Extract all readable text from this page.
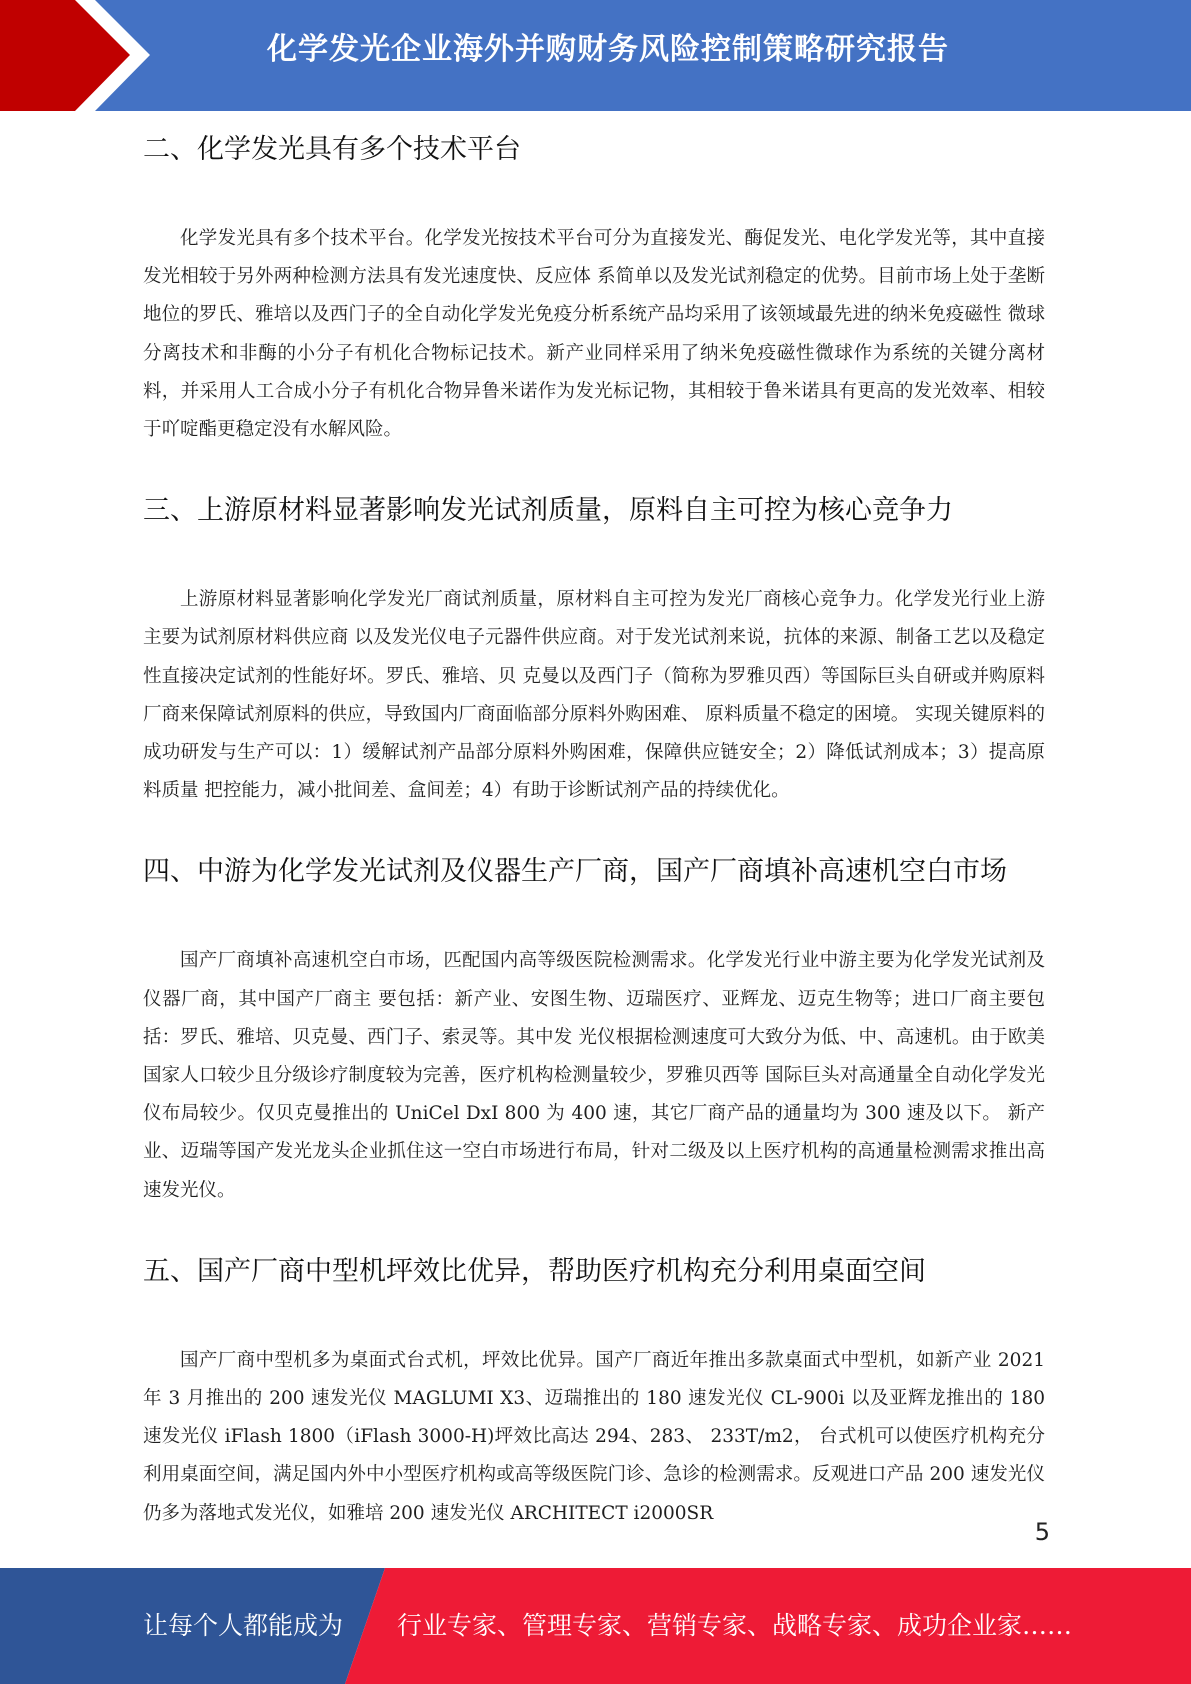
化学发光企业海外并购财务风险控制策略研究报告
二、化学发光具有多个技术平台

化学发光具有多个技术平台。化学发光按技术平台可分为直接发光、酶促发光、电化学发光等，其中直接发光相较于另外两种检测方法具有发光速度快、反应体 系简单以及发光试剂稳定的优势。目前市场上处于垄断地位的罗氏、雅培以及西门子的全自动化学发光免疫分析系统产品均采用了该领域最先进的纳米免疫磁性 微球分离技术和非酶的小分子有机化合物标记技术。新产业同样采用了纳米免疫磁性微球作为系统的关键分离材料，并采用人工合成小分子有机化合物异鲁米诺作为发光标记物，其相较于鲁米诺具有更高的发光效率、相较于吖啶酯更稳定没有水解风险。

三、上游原材料显著影响发光试剂质量，原料自主可控为核心竞争力

上游原材料显著影响化学发光厂商试剂质量，原材料自主可控为发光厂商核心竞争力。化学发光行业上游主要为试剂原材料供应商 以及发光仪电子元器件供应商。对于发光试剂来说，抗体的来源、制备工艺以及稳定性直接决定试剂的性能好坏。罗氏、雅培、贝 克曼以及西门子（简称为罗雅贝西）等国际巨头自研或并购原料厂商来保障试剂原料的供应，导致国内厂商面临部分原料外购困难、 原料质量不稳定的困境。 实现关键原料的成功研发与生产可以：1）缓解试剂产品部分原料外购困难，保障供应链安全；2）降低试剂成本；3）提高原料质量 把控能力，减小批间差、盒间差；4）有助于诊断试剂产品的持续优化。

四、中游为化学发光试剂及仪器生产厂商，国产厂商填补高速机空白市场

国产厂商填补高速机空白市场，匹配国内高等级医院检测需求。化学发光行业中游主要为化学发光试剂及仪器厂商，其中国产厂商主 要包括：新产业、安图生物、迈瑞医疗、亚辉龙、迈克生物等；进口厂商主要包括：罗氏、雅培、贝克曼、西门子、索灵等。其中发 光仪根据检测速度可大致分为低、中、高速机。由于欧美国家人口较少且分级诊疗制度较为完善，医疗机构检测量较少，罗雅贝西等 国际巨头对高通量全自动化学发光仪布局较少。仅贝克曼推出的 UniCel DxI 800 为 400 速，其它厂商产品的通量均为 300 速及以下。 新产业、迈瑞等国产发光龙头企业抓住这一空白市场进行布局，针对二级及以上医疗机构的高通量检测需求推出高速发光仪。

五、国产厂商中型机坪效比优异，帮助医疗机构充分利用桌面空间

国产厂商中型机多为桌面式台式机，坪效比优异。国产厂商近年推出多款桌面式中型机，如新产业 2021 年 3 月推出的 200 速发光仪 MAGLUMI X3、迈瑞推出的 180 速发光仪 CL-900i 以及亚辉龙推出的 180 速发光仪 iFlash 1800（iFlash 3000-H)坪效比高达 294、283、 233T/m2， 台式机可以使医疗机构充分利用桌面空间，满足国内外中小型医疗机构或高等级医院门诊、急诊的检测需求。反观进口产品 200 速发光仪仍多为落地式发光仪，如雅培 200 速发光仪 ARCHITECT i2000SR

5
让每个人都能成为 行业专家、管理专家、营销专家、战略专家、成功企业家……
